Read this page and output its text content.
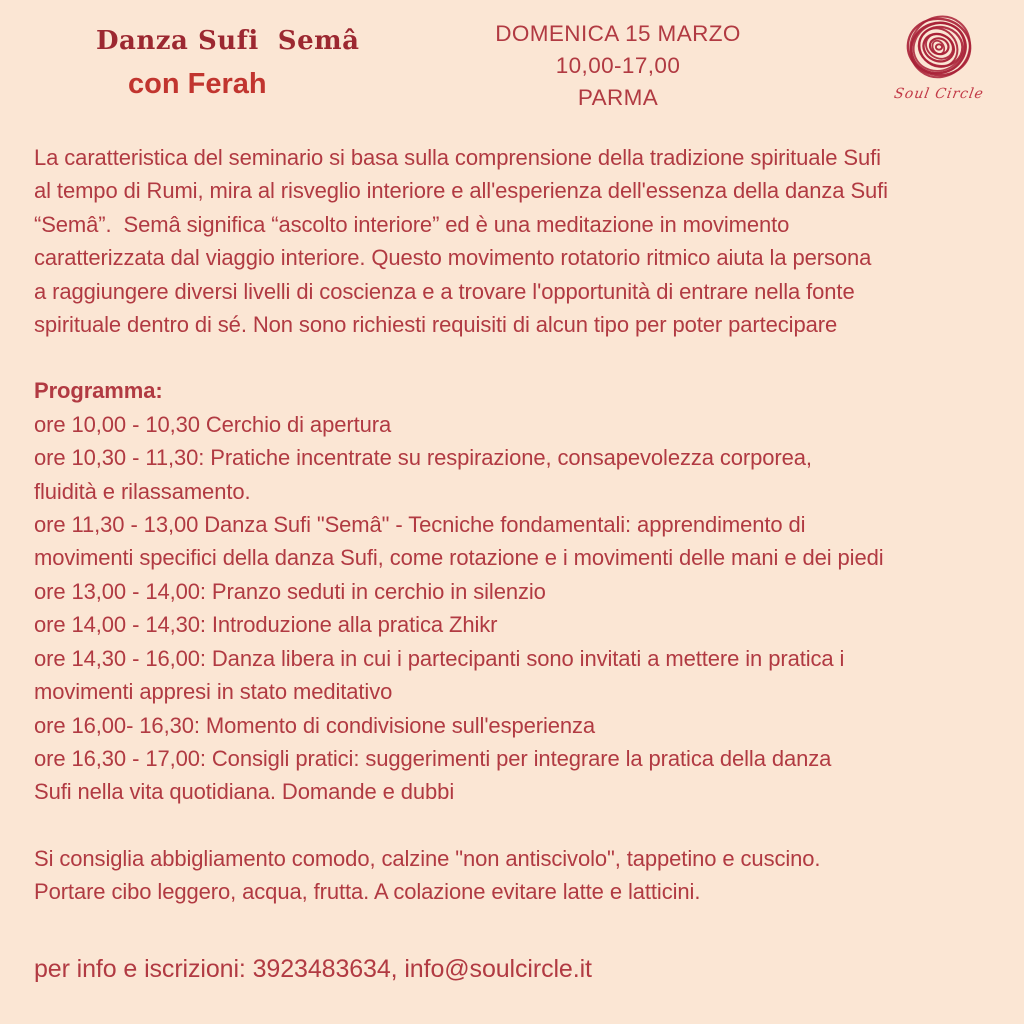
Danza Sufi  Semâ
con Ferah
DOMENICA 15 MARZO
10,00-17,00
PARMA	Soul Circle
La caratteristica del seminario si basa sulla comprensione della tradizione spirituale Sufi
al tempo di Rumi, mira al risveglio interiore e all'esperienza dell'essenza della danza Sufi
“Semâ”.  Semâ significa “ascolto interiore” ed è una meditazione in movimento
caratterizzata dal viaggio interiore. Questo movimento rotatorio ritmico aiuta la persona
a raggiungere diversi livelli di coscienza e a trovare l'opportunità di entrare nella fonte
spirituale dentro di sé. Non sono richiesti requisiti di alcun tipo per poter partecipare
Programma:
ore 10,00 - 10,30 Cerchio di apertura
ore 10,30 - 11,30: Pratiche incentrate su respirazione, consapevolezza corporea,
fluidità e rilassamento.
ore 11,30 - 13,00 Danza Sufi "Semâ" - Tecniche fondamentali: apprendimento di
movimenti specifici della danza Sufi, come rotazione e i movimenti delle mani e dei piedi
ore 13,00 - 14,00: Pranzo seduti in cerchio in silenzio
ore 14,00 - 14,30: Introduzione alla pratica Zhikr
ore 14,30 - 16,00: Danza libera in cui i partecipanti sono invitati a mettere in pratica i
movimenti appresi in stato meditativo
ore 16,00- 16,30: Momento di condivisione sull'esperienza
ore 16,30 - 17,00: Consigli pratici: suggerimenti per integrare la pratica della danza
Sufi nella vita quotidiana. Domande e dubbi
Si consiglia abbigliamento comodo, calzine "non antiscivolo", tappetino e cuscino.
Portare cibo leggero, acqua, frutta. A colazione evitare latte e latticini.
per info e iscrizioni: 3923483634, info@soulcircle.it
